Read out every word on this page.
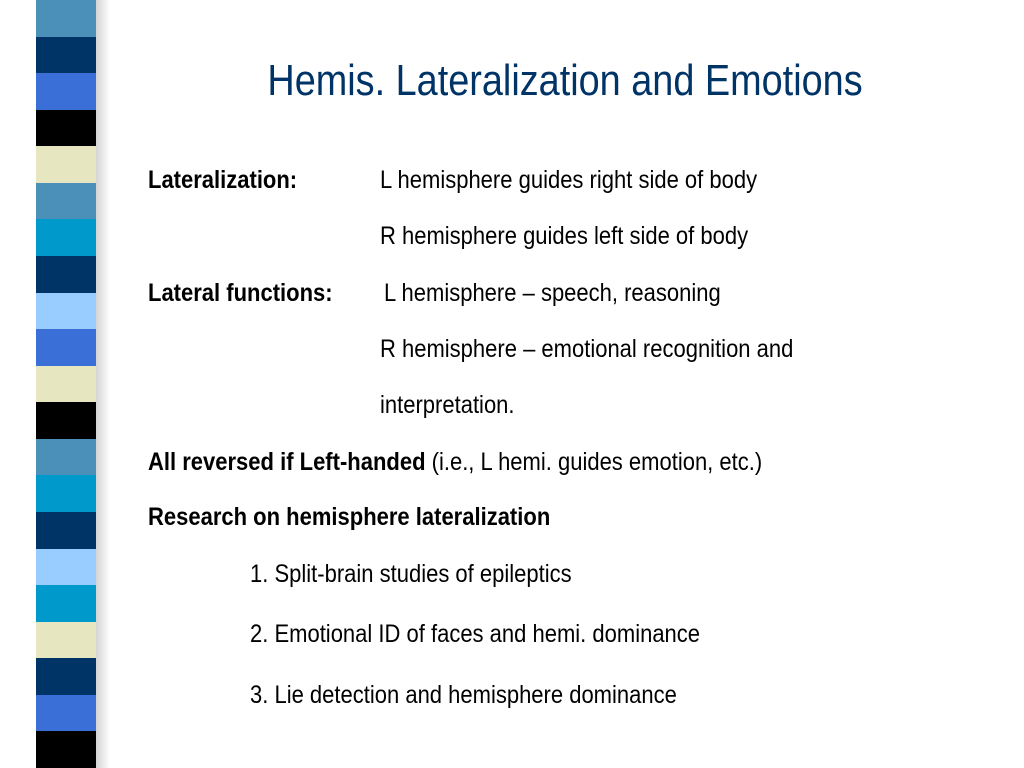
Hemis. Lateralization and Emotions
Lateralization:	L hemisphere guides right side of body
R hemisphere guides left side of body
Lateral functions: L hemisphere – speech, reasoning
R hemisphere – emotional recognition and
interpretation.
All reversed if Left-handed (i.e., L hemi. guides emotion, etc.)
Research on hemisphere lateralization
1. Split-brain studies of epileptics
2. Emotional ID of faces and hemi. dominance
3. Lie detection and hemisphere dominance
